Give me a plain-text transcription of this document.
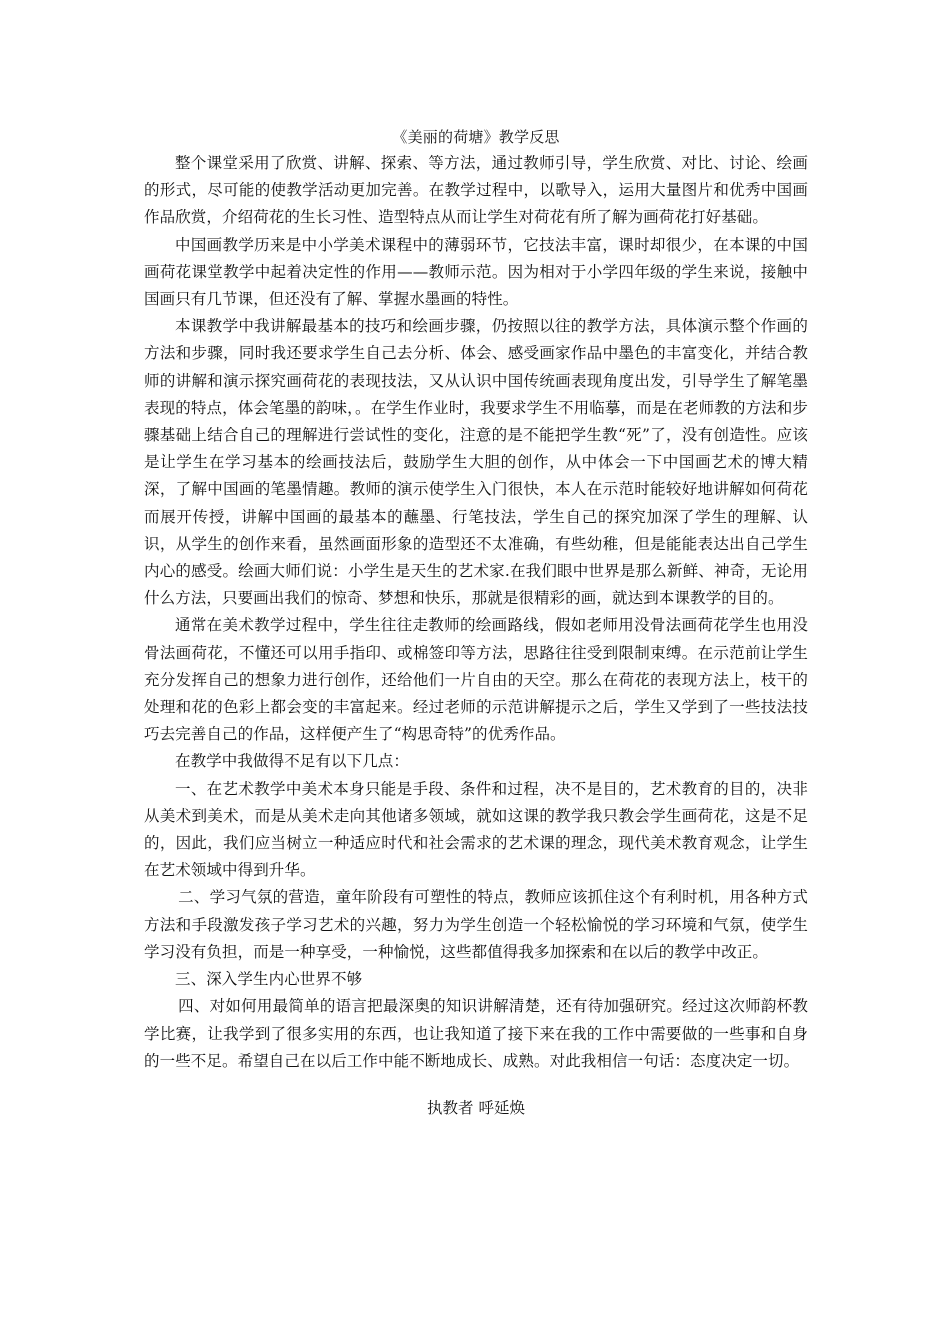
《美丽的荷塘》教学反思

整个课堂采用了欣赏、讲解、探索、等方法，通过教师引导，学生欣赏、对比、讨论、绘画的形式，尽可能的使教学活动更加完善。在教学过程中，以歌导入，运用大量图片和优秀中国画作品欣赏，介绍荷花的生长习性、造型特点从而让学生对荷花有所了解为画荷花打好基础。

中国画教学历来是中小学美术课程中的薄弱环节，它技法丰富，课时却很少，在本课的中国画荷花课堂教学中起着决定性的作用——教师示范。因为相对于小学四年级的学生来说，接触中国画只有几节课，但还没有了解、掌握水墨画的特性。

本课教学中我讲解最基本的技巧和绘画步骤，仍按照以往的教学方法，具体演示整个作画的方法和步骤，同时我还要求学生自己去分析、体会、感受画家作品中墨色的丰富变化，并结合教师的讲解和演示探究画荷花的表现技法，又从认识中国传统画表现角度出发，引导学生了解笔墨表现的特点，体会笔墨的韵味，。在学生作业时，我要求学生不用临摹，而是在老师教的方法和步骤基础上结合自己的理解进行尝试性的变化，注意的是不能把学生教“死”了，没有创造性。应该是让学生在学习基本的绘画技法后，鼓励学生大胆的创作，从中体会一下中国画艺术的博大精深，了解中国画的笔墨情趣。教师的演示使学生入门很快，本人在示范时能较好地讲解如何荷花而展开传授，讲解中国画的最基本的蘸墨、行笔技法，学生自己的探究加深了学生的理解、认识，从学生的创作来看，虽然画面形象的造型还不太准确，有些幼稚，但是能能表达出自己学生内心的感受。绘画大师们说：小学生是天生的艺术家.在我们眼中世界是那么新鲜、神奇，无论用什么方法，只要画出我们的惊奇、梦想和快乐，那就是很精彩的画，就达到本课教学的目的。

通常在美术教学过程中，学生往往走教师的绘画路线，假如老师用没骨法画荷花学生也用没骨法画荷花，不懂还可以用手指印、或棉签印等方法，思路往往受到限制束缚。在示范前让学生充分发挥自己的想象力进行创作，还给他们一片自由的天空。那么在荷花的表现方法上，枝干的处理和花的色彩上都会变的丰富起来。经过老师的示范讲解提示之后，学生又学到了一些技法技巧去完善自己的作品，这样便产生了“构思奇特”的优秀作品。

在教学中我做得不足有以下几点：

一、在艺术教学中美术本身只能是手段、条件和过程，决不是目的，艺术教育的目的，决非从美术到美术，而是从美术走向其他诸多领域，就如这课的教学我只教会学生画荷花，这是不足的，因此，我们应当树立一种适应时代和社会需求的艺术课的理念，现代美术教育观念，让学生在艺术领域中得到升华。

二、学习气氛的营造，童年阶段有可塑性的特点，教师应该抓住这个有利时机，用各种方式方法和手段激发孩子学习艺术的兴趣，努力为学生创造一个轻松愉悦的学习环境和气氛，使学生学习没有负担，而是一种享受，一种愉悦，这些都值得我多加探索和在以后的教学中改正。

三、深入学生内心世界不够

四、对如何用最简单的语言把最深奥的知识讲解清楚，还有待加强研究。经过这次师韵杯教学比赛，让我学到了很多实用的东西，也让我知道了接下来在我的工作中需要做的一些事和自身的一些不足。希望自己在以后工作中能不断地成长、成熟。对此我相信一句话：态度决定一切。

执教者 呼延焕
